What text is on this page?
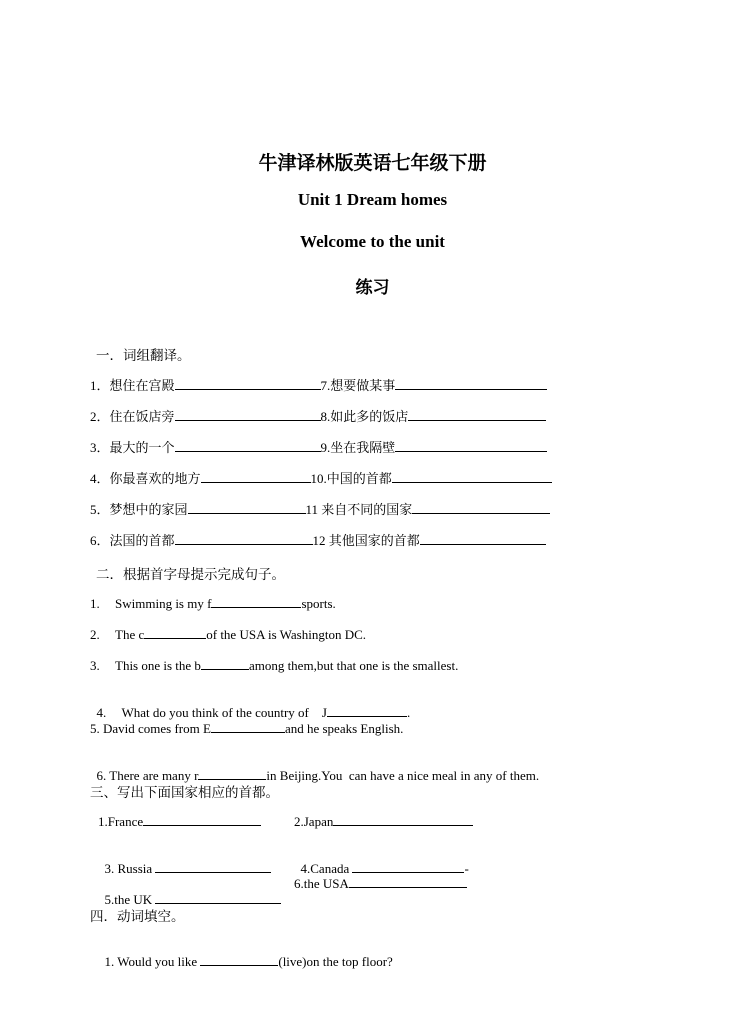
牛津译林版英语七年级下册
Unit 1 Dream homes
Welcome to the unit
练习
一．词组翻译。
1．想住在宫殿	7.想要做某事
2．住在饭店旁	8.如此多的饭店
3．最大的一个	9.坐在我隔壁
4．你最喜欢的地方	10.中国的首都
5．梦想中的家园	11 来自不同的国家
6．法国的首都	12 其他国家的首都
二．根据首字母提示完成句子。
1. Swimming is my f	sports.
2. The c	of the USA is Washington DC.
3. This one is the b	among them,but that one is the smallest.

4. What do you think of the country of    J	.

5. David comes from E	and he speaks English.

6. There are many r	in Beijing.You  can have a nice meal in any of them.

三、写出下面国家相应的首都。
1.France	2.Japan

3. Russia	4.Canada	-

5.the UK

6.the USA
四．动词填空。

1. Would you like	(live)on the top floor?
